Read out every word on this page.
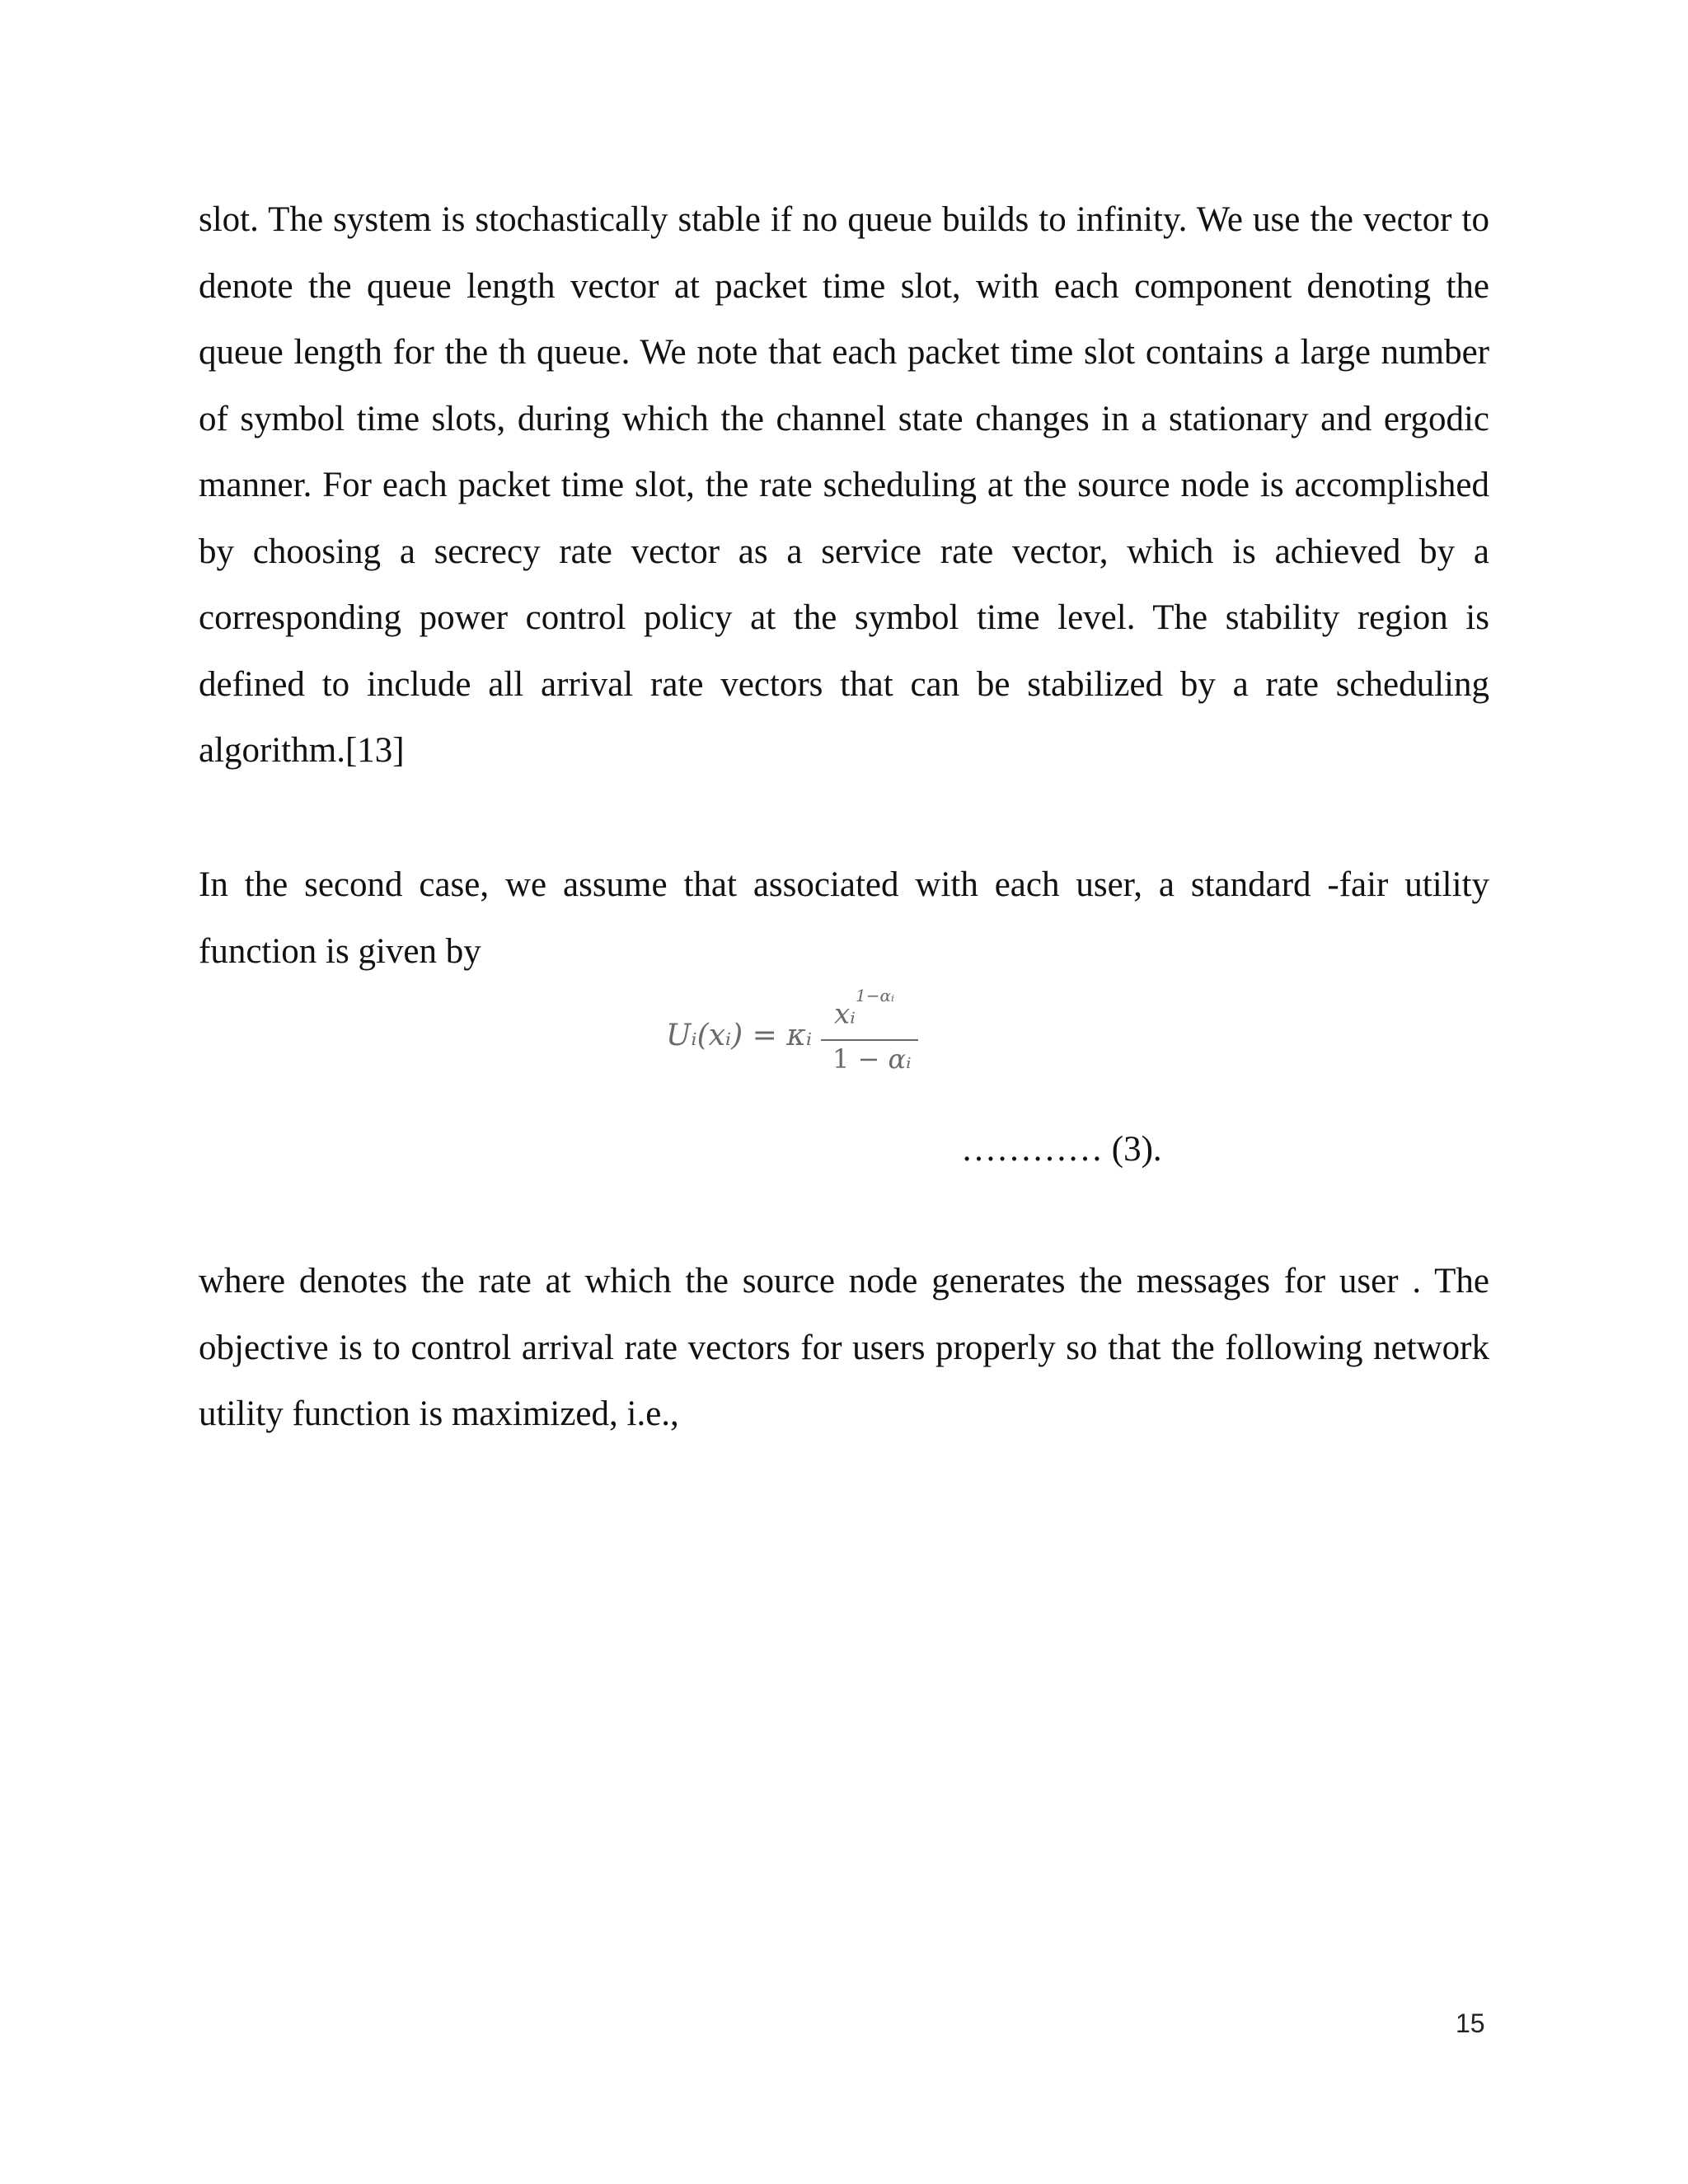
slot. The system is stochastically stable if no queue builds to infinity. We use the vector to denote the queue length vector at packet time slot, with each component denoting the queue length for the th queue. We note that each packet time slot contains a large number of symbol time slots, during which the channel state changes in a stationary and ergodic manner. For each packet time slot, the rate scheduling at the source node is accomplished by choosing a secrecy rate vector as a service rate vector, which is achieved by a corresponding power control policy at the symbol time level. The stability region is defined to include all arrival rate vectors that can be stabilized by a rate scheduling algorithm.[13]

In the second case, we assume that associated with each user, a standard -fair utility function is given by

Uᵢ(xᵢ) = κᵢ
xᵢ$^{1-\alpha ᵢ}$
1 − αᵢ
………… (3).

where denotes the rate at which the source node generates the messages for user . The objective is to control arrival rate vectors for users properly so that the following network utility function is maximized, i.e.,

15
